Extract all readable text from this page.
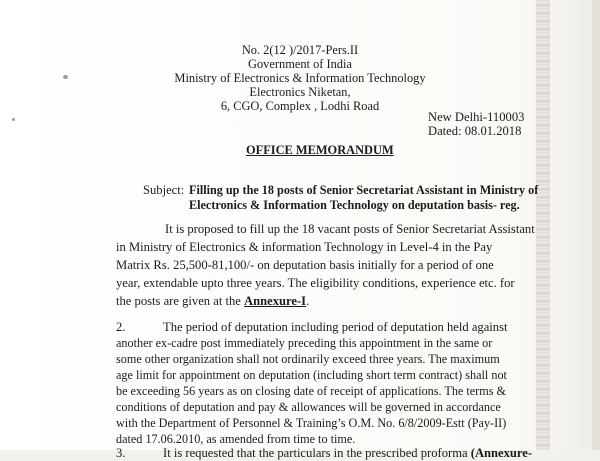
No. 2(12 )/2017-Pers.II
Government of India
Ministry of Electronics & Information Technology
Electronics Niketan,
6, CGO, Complex , Lodhi Road
New Delhi-110003
Dated: 08.01.2018
OFFICE MEMORANDUM
Subject: Filling up the 18 posts of Senior Secretariat Assistant in Ministry of
Electronics & Information Technology on deputation basis- reg.
It is proposed to fill up the 18 vacant posts of Senior Secretariat Assistant
in Ministry of Electronics & information Technology in Level-4 in the Pay
Matrix Rs. 25,500-81,100/- on deputation basis initially for a period of one
year, extendable upto three years. The eligibility conditions, experience etc. for
the posts are given at the Annexure-I.
2.	The period of deputation including period of deputation held against
another ex-cadre post immediately preceding this appointment in the same or
some other organization shall not ordinarily exceed three years. The maximum
age limit for appointment on deputation (including short term contract) shall not
be exceeding 56 years as on closing date of receipt of applications. The terms &
conditions of deputation and pay & allowances will be governed in accordance
with the Department of Personnel & Training’s O.M. No. 6/8/2009-Estt (Pay-II)
dated 17.06.2010, as amended from time to time.
3.	It is requested that the particulars in the prescribed proforma (Annexure-
